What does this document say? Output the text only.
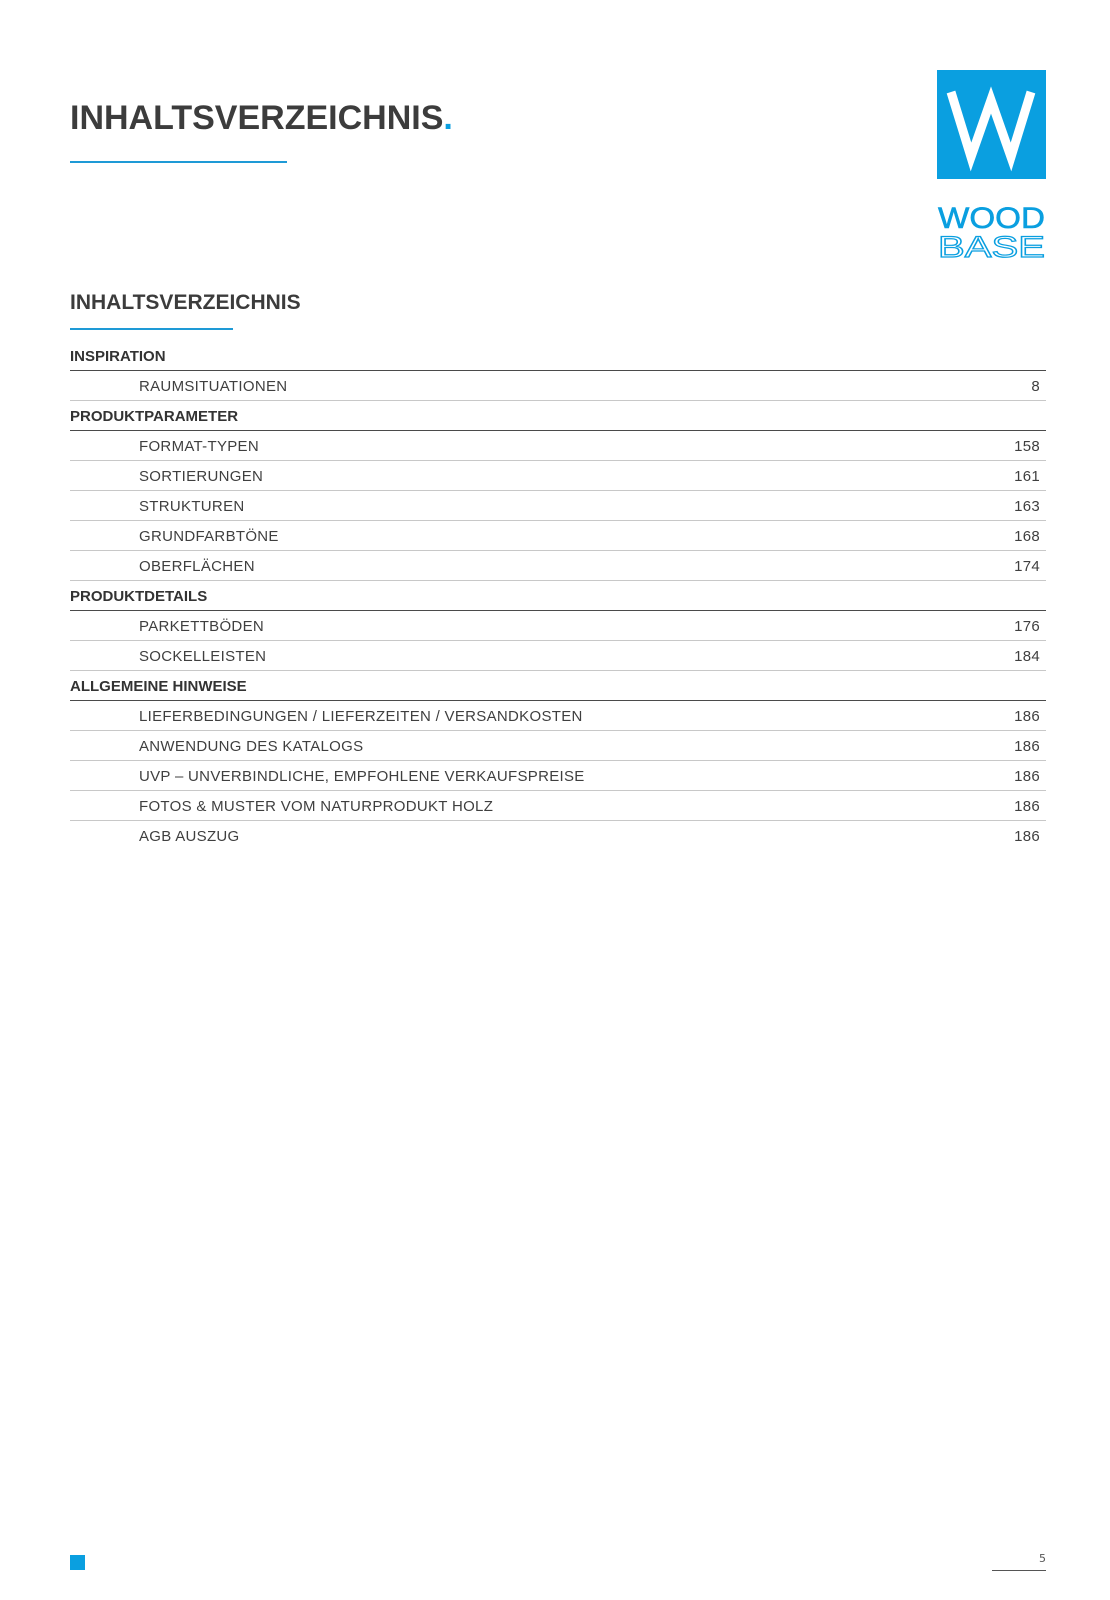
INHALTSVERZEICHNIS.
WOOD
BASE
INHALTSVERZEICHNIS
INSPIRATION
RAUMSITUATIONEN	8
PRODUKTPARAMETER
FORMAT-TYPEN	158
SORTIERUNGEN	161
STRUKTUREN	163
GRUNDFARBTÖNE	168
OBERFLÄCHEN	174
PRODUKTDETAILS
PARKETTBÖDEN	176
SOCKELLEISTEN	184
ALLGEMEINE HINWEISE
LIEFERBEDINGUNGEN / LIEFERZEITEN / VERSANDKOSTEN	186
ANWENDUNG DES KATALOGS	186
UVP – UNVERBINDLICHE, EMPFOHLENE VERKAUFSPREISE	186
FOTOS & MUSTER VOM NATURPRODUKT HOLZ	186
AGB AUSZUG	186
5
